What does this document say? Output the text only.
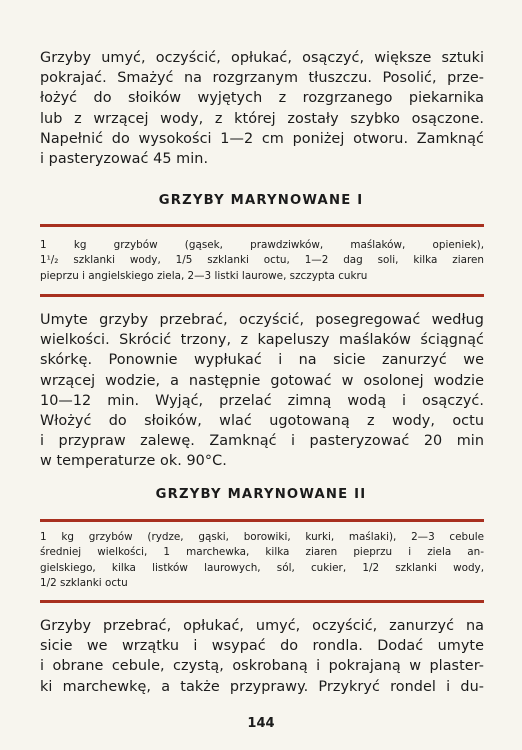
Grzyby umyć, oczyścić, opłukać, osączyć, większe sztuki
pokrajać. Smażyć na rozgrzanym tłuszczu. Posolić, prze-
łożyć do słoików wyjętych z rozgrzanego piekarnika
lub z wrzącej wody, z której zostały szybko osączone.
Napełnić do wysokości 1—2 cm poniżej otworu. Zamknąć
i pasteryzować 45 min.
GRZYBY MARYNOWANE I
1 kg grzybów (gąsek, prawdziwków, maślaków, opieniek),
1¹/₂ szklanki wody, 1/5 szklanki octu, 1—2 dag soli, kilka ziaren
pieprzu i angielskiego ziela, 2—3 listki laurowe, szczypta cukru
Umyte grzyby przebrać, oczyścić, posegregować według
wielkości. Skrócić trzony, z kapeluszy maślaków ściągnąć
skórkę. Ponownie wypłukać i na sicie zanurzyć we
wrzącej wodzie, a następnie gotować w osolonej wodzie
10—12 min. Wyjąć, przelać zimną wodą i osączyć.
Włożyć do słoików, wlać ugotowaną z wody, octu
i przypraw zalewę. Zamknąć i pasteryzować 20 min
w temperaturze ok. 90°C.
GRZYBY MARYNOWANE II
1 kg grzybów (rydze, gąski, borowiki, kurki, maślaki), 2—3 cebule
średniej wielkości, 1 marchewka, kilka ziaren pieprzu i ziela an-
gielskiego, kilka listków laurowych, sól, cukier, 1/2 szklanki wody,
1/2 szklanki octu
Grzyby przebrać, opłukać, umyć, oczyścić, zanurzyć na
sicie we wrzątku i wsypać do rondla. Dodać umyte
i obrane cebule, czystą, oskrobaną i pokrajaną w plaster-
ki marchewkę, a także przyprawy. Przykryć rondel i du-
144
